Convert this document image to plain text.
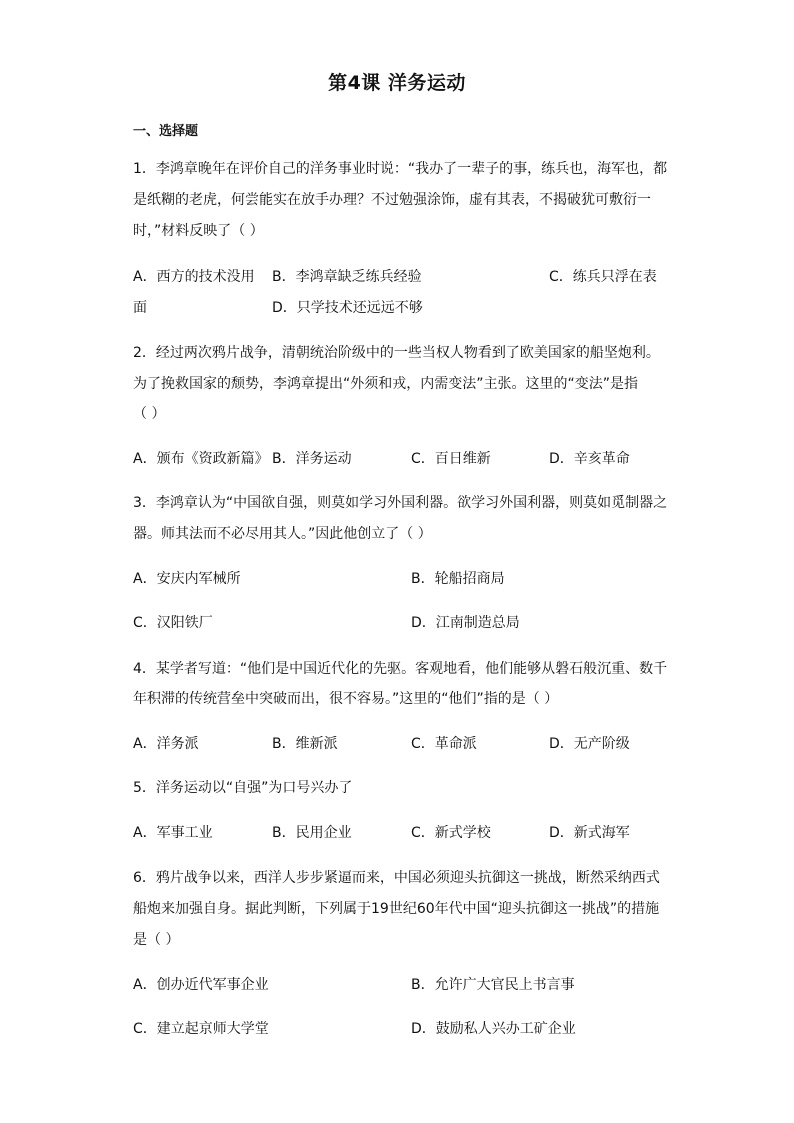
第4课 洋务运动
一、选择题
1．李鸿章晚年在评价自己的洋务事业时说：“我办了一辈子的事，练兵也，海军也，都
是纸糊的老虎，何尝能实在放手办理？不过勉强涂饰，虚有其表，不揭破犹可敷衍一
时，”材料反映了（ ）
A．西方的技术没用 B．李鸿章缺乏练兵经验	C．练兵只浮在表
面	D．只学技术还远远不够
2．经过两次鸦片战争，清朝统治阶级中的一些当权人物看到了欧美国家的船坚炮利。
为了挽救国家的颓势，李鸿章提出“外须和戎，内需变法”主张。这里的“变法”是指
（ ）
A．颁布《资政新篇》 B．洋务运动	C．百日维新	D．辛亥革命
3．李鸿章认为“中国欲自强，则莫如学习外国利器。欲学习外国利器，则莫如觅制器之
器。师其法而不必尽用其人。”因此他创立了（ ）
A．安庆内军械所	B．轮船招商局
C．汉阳铁厂	D．江南制造总局
4．某学者写道：“他们是中国近代化的先驱。客观地看，他们能够从磐石般沉重、数千
年积滞的传统营垒中突破而出，很不容易。”这里的“他们”指的是（ ）
A．洋务派	B．维新派	C．革命派	D．无产阶级
5．洋务运动以“自强”为口号兴办了
A．军事工业	B．民用企业	C．新式学校	D．新式海军
6．鸦片战争以来，西洋人步步紧逼而来，中国必须迎头抗御这一挑战，断然采纳西式
船炮来加强自身。据此判断，下列属于19世纪60年代中国“迎头抗御这一挑战”的措施
是（ ）
A．创办近代军事企业	B．允许广大官民上书言事
C．建立起京师大学堂	D．鼓励私人兴办工矿企业
